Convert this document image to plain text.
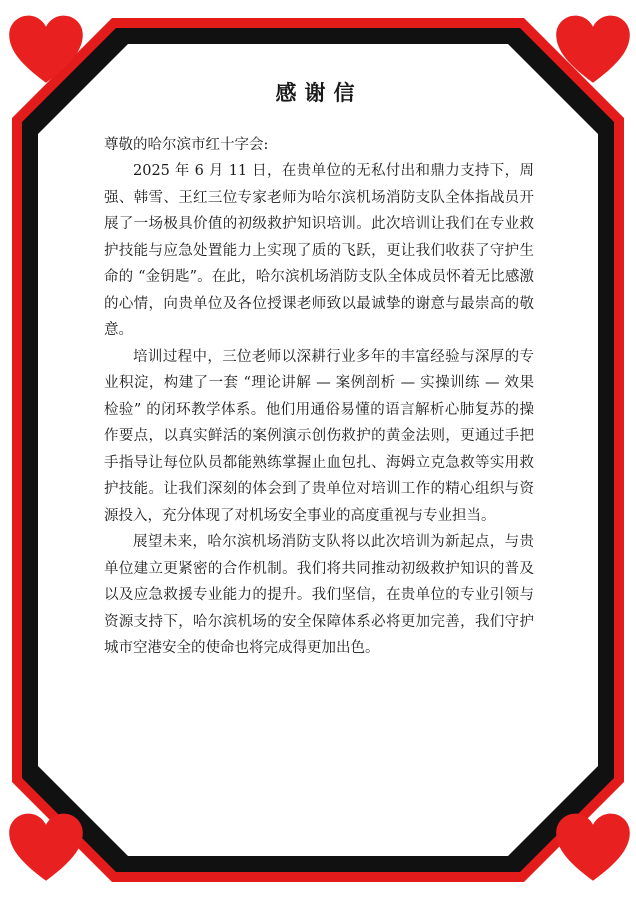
感谢信

尊敬的哈尔滨市红十字会:

2025 年 6 月 11 日，在贵单位的无私付出和鼎力支持下，周强、韩雪、王红三位专家老师为哈尔滨机场消防支队全体指战员开展了一场极具价值的初级救护知识培训。此次培训让我们在专业救护技能与应急处置能力上实现了质的飞跃，更让我们收获了守护生命的 “金钥匙”。在此，哈尔滨机场消防支队全体成员怀着无比感激的心情，向贵单位及各位授课老师致以最诚挚的谢意与最崇高的敬意。

培训过程中，三位老师以深耕行业多年的丰富经验与深厚的专业积淀，构建了一套 “理论讲解 — 案例剖析 — 实操训练 — 效果检验” 的闭环教学体系。他们用通俗易懂的语言解析心肺复苏的操作要点，以真实鲜活的案例演示创伤救护的黄金法则，更通过手把手指导让每位队员都能熟练掌握止血包扎、海姆立克急救等实用救护技能。让我们深刻的体会到了贵单位对培训工作的精心组织与资源投入，充分体现了对机场安全事业的高度重视与专业担当。

展望未来，哈尔滨机场消防支队将以此次培训为新起点，与贵单位建立更紧密的合作机制。我们将共同推动初级救护知识的普及以及应急救援专业能力的提升。我们坚信，在贵单位的专业引领与资源支持下，哈尔滨机场的安全保障体系必将更加完善，我们守护城市空港安全的使命也将完成得更加出色。
